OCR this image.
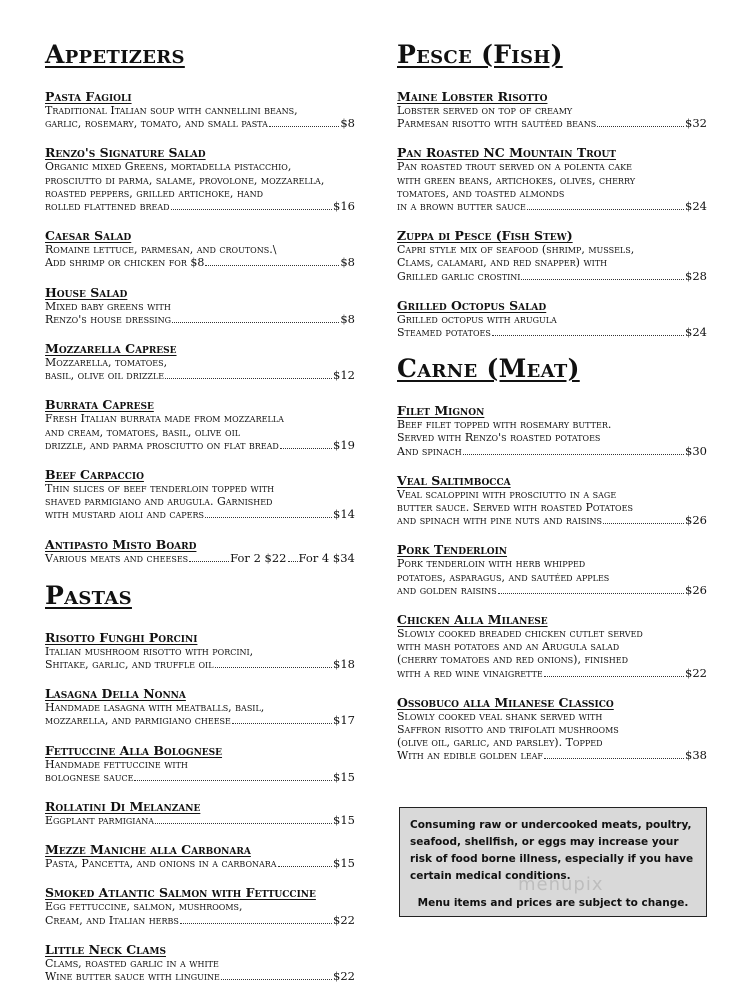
Appetizers
Pasta Fagioli
Traditional Italian soup with cannellini beans,
garlic, rosemary, tomato, and small pasta	$8
Renzo's Signature Salad
Organic mixed Greens, mortadella pistacchio,
prosciutto di parma, salame, provolone, mozzarella,
roasted peppers, grilled artichoke, hand
rolled flattened bread	$16
Caesar Salad
Romaine lettuce, parmesan, and croutons.\
Add shrimp or chicken for $8	$8
House Salad
Mixed baby greens with
Renzo's house dressing	$8
Mozzarella Caprese
Mozzarella, tomatoes,
basil, olive oil drizzle	$12
Burrata Caprese
Fresh Italian burrata made from mozzarella
and cream, tomatoes, basil, olive oil
drizzle, and parma prosciutto on flat bread	$19
Beef Carpaccio
Thin slices of beef tenderloin topped with
shaved parmigiano and arugula. Garnished
with mustard aioli and capers	$14
Antipasto Misto Board
Various meats and cheeses	For 2 $22 For 4 $34
Pastas
Risotto Funghi Porcini
Italian mushroom risotto with porcini,
Shitake, garlic, and truffle oil	$18
Lasagna Della Nonna
Handmade lasagna with meatballs, basil,
mozzarella, and parmigiano cheese	$17
Fettuccine Alla Bolognese
Handmade fettuccine with
bolognese sauce	$15
Rollatini Di Melanzane
Eggplant parmigiana	$15
Mezze Maniche alla Carbonara
Pasta, Pancetta, and onions in a carbonara	$15
Smoked Atlantic Salmon with Fettuccine
Egg fettuccine, salmon, mushrooms,
Cream, and Italian herbs	$22
Little Neck Clams
Clams, roasted garlic in a white
Wine butter sauce with linguine	$22
Pesce (Fish)
Maine Lobster Risotto
Lobster served on top of creamy
Parmesan risotto with sautéed beans	$32
Pan Roasted NC Mountain Trout
Pan roasted trout served on a polenta cake
with green beans, artichokes, olives, cherry
tomatoes, and toasted almonds
in a brown butter sauce	$24
Zuppa di Pesce (Fish Stew)
Capri style mix of seafood (shrimp, mussels,
Clams, calamari, and red snapper) with
Grilled garlic crostini	$28
Grilled Octopus Salad
Grilled octopus with arugula
Steamed potatoes	$24
Carne (Meat)
Filet Mignon
Beef filet topped with rosemary butter.
Served with Renzo's roasted potatoes
And spinach	$30
Veal Saltimbocca
Veal scaloppini with prosciutto in a sage
butter sauce. Served with roasted Potatoes
and spinach with pine nuts and raisins	$26
Pork Tenderloin
Pork tenderloin with herb whipped
potatoes, asparagus, and sautéed apples
and golden raisins	$26
Chicken Alla Milanese
Slowly cooked breaded chicken cutlet served
with mash potatoes and an Arugula salad
(cherry tomatoes and red onions), finished
with a red wine vinaigrette	$22
Ossobuco alla Milanese Classico
Slowly cooked veal shank served with
Saffron risotto and trifolati mushrooms
(olive oil, garlic, and parsley). Topped
With an edible golden leaf	$38
Consuming raw or undercooked meats, poultry, seafood, shellfish, or eggs may increase your risk of food borne illness, especially if you have certain medical conditions.
Menu items and prices are subject to change.
menupix
